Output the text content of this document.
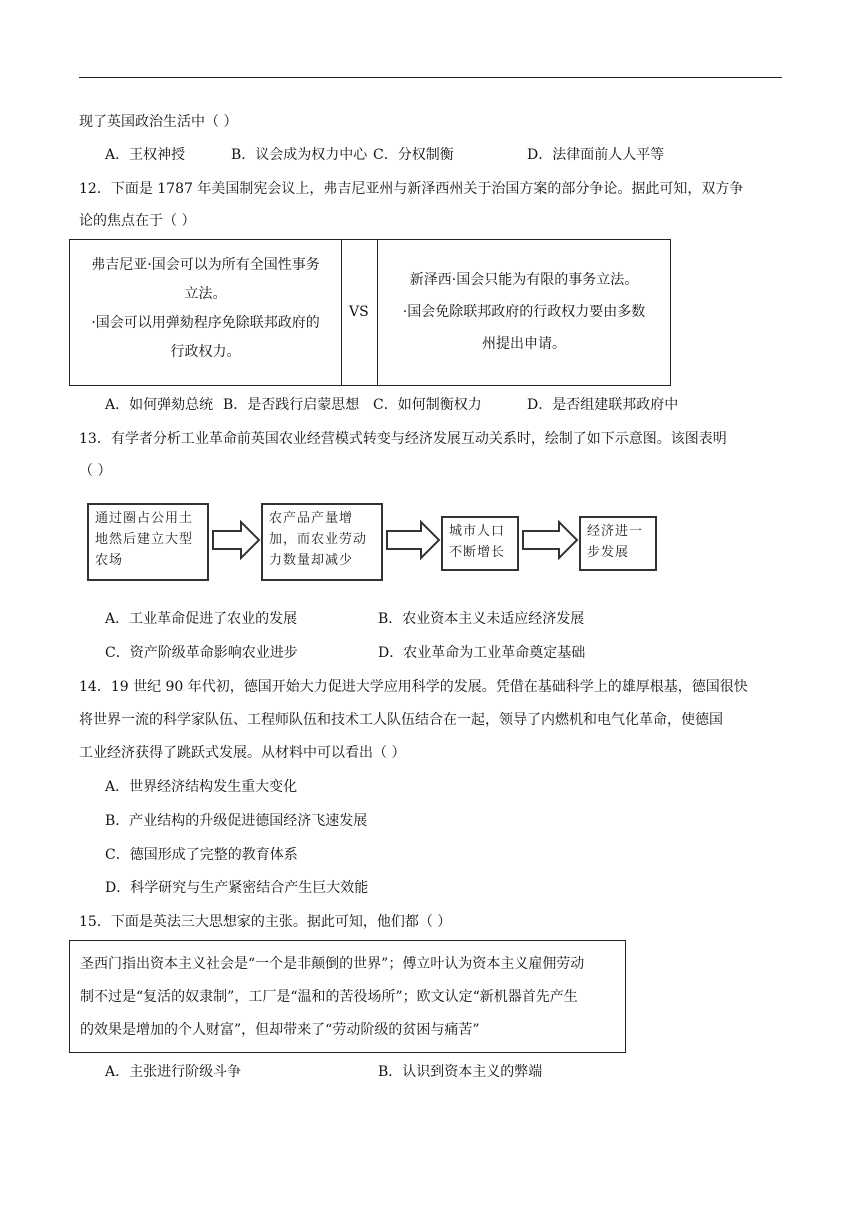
现了英国政治生活中（ ）
A．王权神授	B．议会成为权力中心 C．分权制衡	D．法律面前人人平等
12．下面是 1787 年美国制宪会议上，弗吉尼亚州与新泽西州关于治国方案的部分争论。据此可知，双方争
论的焦点在于（ ）
弗吉尼亚·国会可以为所有全国性事务
立法。
·国会可以用弹劾程序免除联邦政府的
行政权力。
VS
新泽西·国会只能为有限的事务立法。
·国会免除联邦政府的行政权力要由多数
州提出申请。
A．如何弹劾总统 B．是否践行启蒙思想 C．如何制衡权力	D．是否组建联邦政府中
13．有学者分析工业革命前英国农业经营模式转变与经济发展互动关系时，绘制了如下示意图。该图表明
（ ）
通过圈占公用土地然后建立大型农场
农产品产量增加，而农业劳动力数量却减少
城市人口不断增长
经济进一步发展
A．工业革命促进了农业的发展	B．农业资本主义未适应经济发展
C．资产阶级革命影响农业进步	D．农业革命为工业革命奠定基础
14．19 世纪 90 年代初，德国开始大力促进大学应用科学的发展。凭借在基础科学上的雄厚根基，德国很快
将世界一流的科学家队伍、工程师队伍和技术工人队伍结合在一起，领导了内燃机和电气化革命，使德国
工业经济获得了跳跃式发展。从材料中可以看出（ ）
A．世界经济结构发生重大变化
B．产业结构的升级促进德国经济飞速发展
C．德国形成了完整的教育体系
D．科学研究与生产紧密结合产生巨大效能
15．下面是英法三大思想家的主张。据此可知，他们都（ ）
圣西门指出资本主义社会是“一个是非颠倒的世界”；傅立叶认为资本主义雇佣劳动
制不过是“复活的奴隶制”，工厂是“温和的苦役场所”；欧文认定“新机器首先产生
的效果是增加的个人财富”，但却带来了“劳动阶级的贫困与痛苦”
A．主张进行阶级斗争	B．认识到资本主义的弊端
